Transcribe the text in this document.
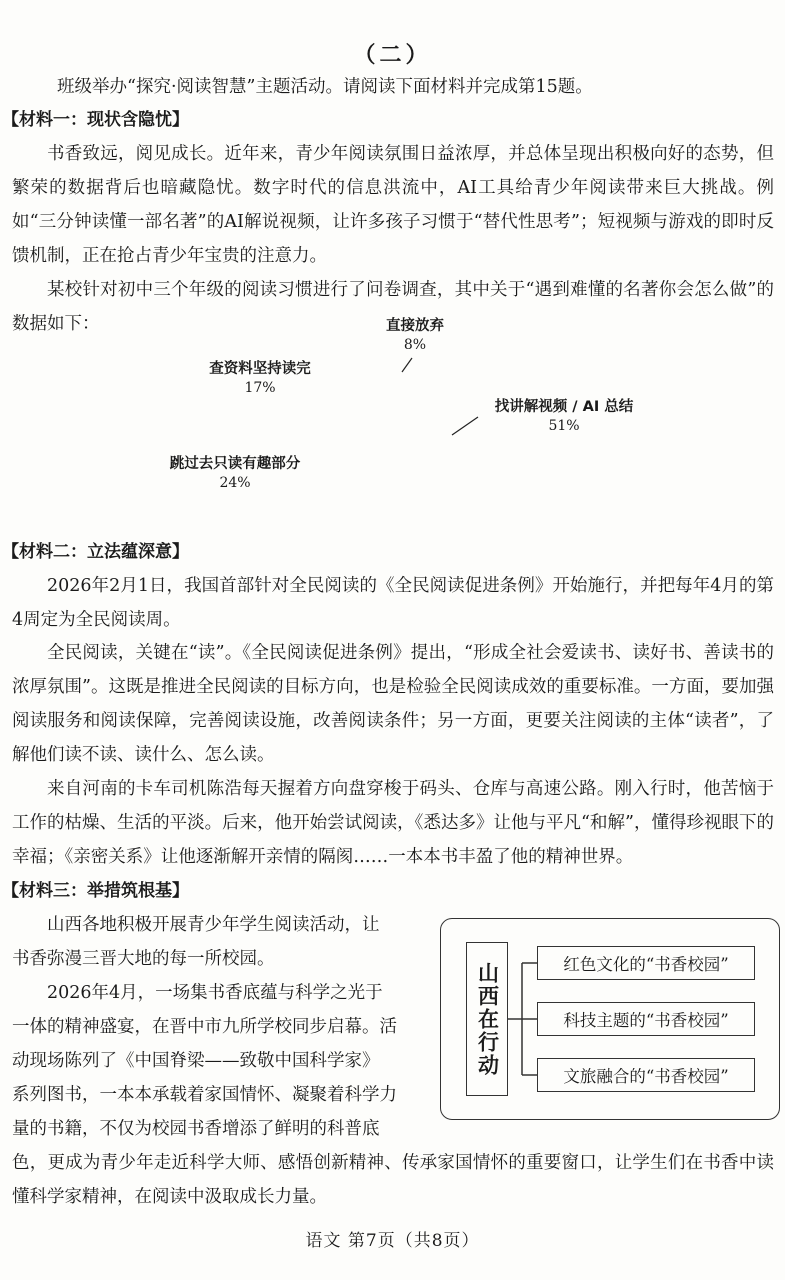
（二）
班级举办“探究·阅读智慧”主题活动。请阅读下面材料并完成第15题。
【材料一：现状含隐忧】
书香致远，阅见成长。近年来，青少年阅读氛围日益浓厚，并总体呈现出积极向好的态势，但繁荣的数据背后也暗藏隐忧。数字时代的信息洪流中，AI工具给青少年阅读带来巨大挑战。例如“三分钟读懂一部名著”的AI解说视频，让许多孩子习惯于“替代性思考”；短视频与游戏的即时反馈机制，正在抢占青少年宝贵的注意力。
某校针对初中三个年级的阅读习惯进行了问卷调查，其中关于“遇到难懂的名著你会怎么做”的数据如下：	直接放弃
8%
查资料坚持读完
17%
找讲解视频 / AI 总结
51%
跳过去只读有趣部分
24%
【材料二：立法蕴深意】
2026年2月1日，我国首部针对全民阅读的《全民阅读促进条例》开始施行，并把每年4月的第4周定为全民阅读周。
全民阅读，关键在“读”。《全民阅读促进条例》提出，“形成全社会爱读书、读好书、善读书的浓厚氛围”。这既是推进全民阅读的目标方向，也是检验全民阅读成效的重要标准。一方面，要加强阅读服务和阅读保障，完善阅读设施，改善阅读条件；另一方面，更要关注阅读的主体“读者”，了解他们读不读、读什么、怎么读。
来自河南的卡车司机陈浩每天握着方向盘穿梭于码头、仓库与高速公路。刚入行时，他苦恼于工作的枯燥、生活的平淡。后来，他开始尝试阅读，《悉达多》让他与平凡“和解”，懂得珍视眼下的幸福；《亲密关系》让他逐渐解开亲情的隔阂……一本本书丰盈了他的精神世界。
【材料三：举措筑根基】
山西各地积极开展青少年学生阅读活动，让
书香弥漫三晋大地的每一所校园。
2026年4月，一场集书香底蕴与科学之光于
一体的精神盛宴，在晋中市九所学校同步启幕。活
动现场陈列了《中国脊梁——致敬中国科学家》
系列图书，一本本承载着家国情怀、凝聚着科学力
量的书籍，不仅为校园书香增添了鲜明的科普底
色，更成为青少年走近科学大师、感悟创新精神、传承家国情怀的重要窗口，让学生们在书香中读懂科学家精神，在阅读中汲取成长力量。
山西在行动	红色文化的“书香校园”
科技主题的“书香校园”
文旅融合的“书香校园”
语文 第7页（共8页）
